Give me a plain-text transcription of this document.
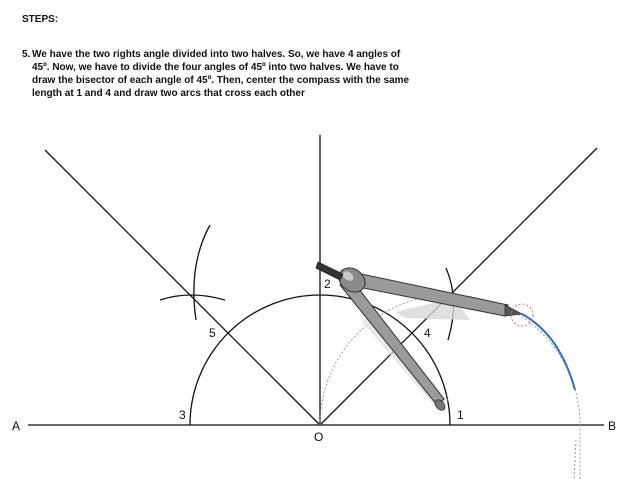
STEPS:
5. We have the two rights angle divided into two halves. So, we have 4 angles of
45º. Now, we have to divide the four angles of 45º into two halves. We have to
draw the bisector of each angle of 45º. Then, center the compass with the same
length at 1 and 4 and draw two arcs that cross each other
A	B
O
1
2
3
4
5
